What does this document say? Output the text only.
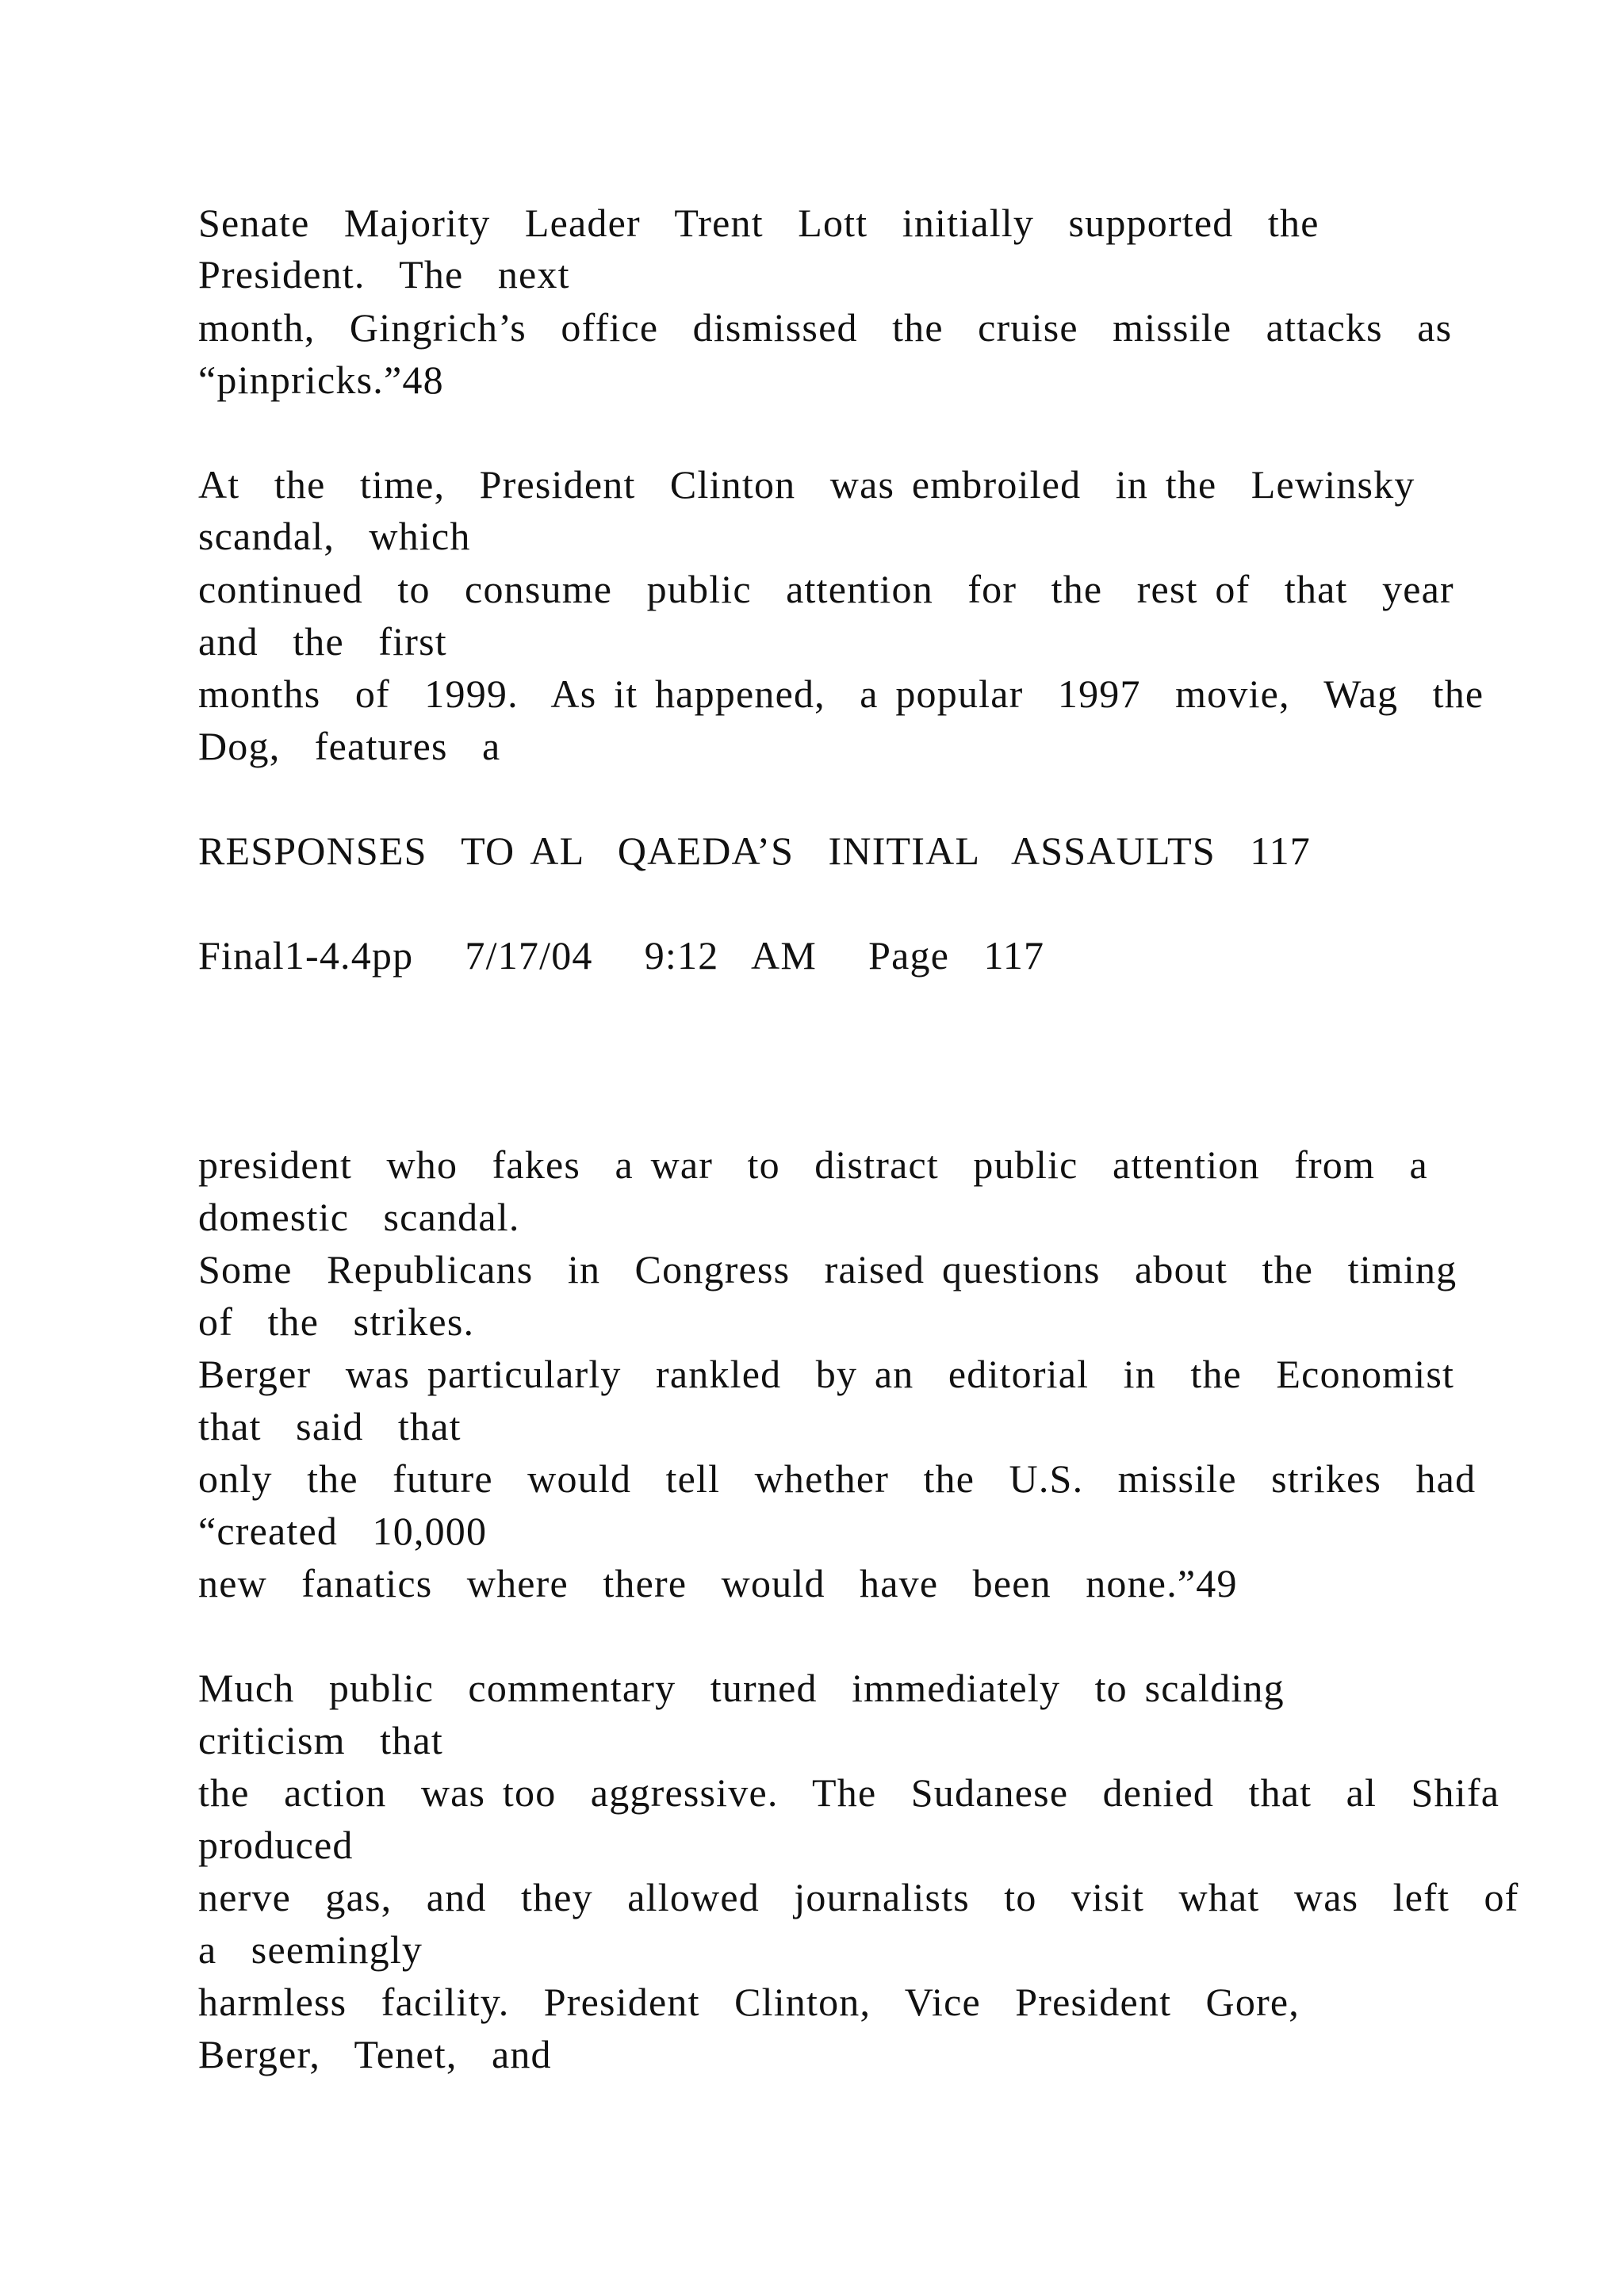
Senate  Majority  Leader  Trent  Lott  initially  supported  the
President.  The  next
month,  Gingrich’s  office  dismissed  the  cruise  missile  attacks  as
“pinpricks.”48
At  the  time,  President  Clinton  was embroiled  in the  Lewinsky
scandal,  which
continued  to  consume  public  attention  for  the  rest of  that  year
and  the  first
months  of  1999.  As it happened,  a popular  1997  movie,  Wag  the
Dog,  features  a
RESPONSES  TO AL  QAEDA’S  INITIAL  ASSAULTS  117
Final1-4.4pp   7/17/04   9:12  AM   Page  117
president  who  fakes  a war  to  distract  public  attention  from  a
domestic  scandal.
Some  Republicans  in  Congress  raised questions  about  the  timing
of  the  strikes.
Berger  was particularly  rankled  by an  editorial  in  the  Economist
that  said  that
only  the  future  would  tell  whether  the  U.S.  missile  strikes  had
“created  10,000
new  fanatics  where  there  would  have  been  none.”49
Much  public  commentary  turned  immediately  to scalding
criticism  that
the  action  was too  aggressive.  The  Sudanese  denied  that  al  Shifa
produced
nerve  gas,  and  they  allowed  journalists  to  visit  what  was  left  of
a  seemingly
harmless  facility.  President  Clinton,  Vice  President  Gore,
Berger,  Tenet,  and
